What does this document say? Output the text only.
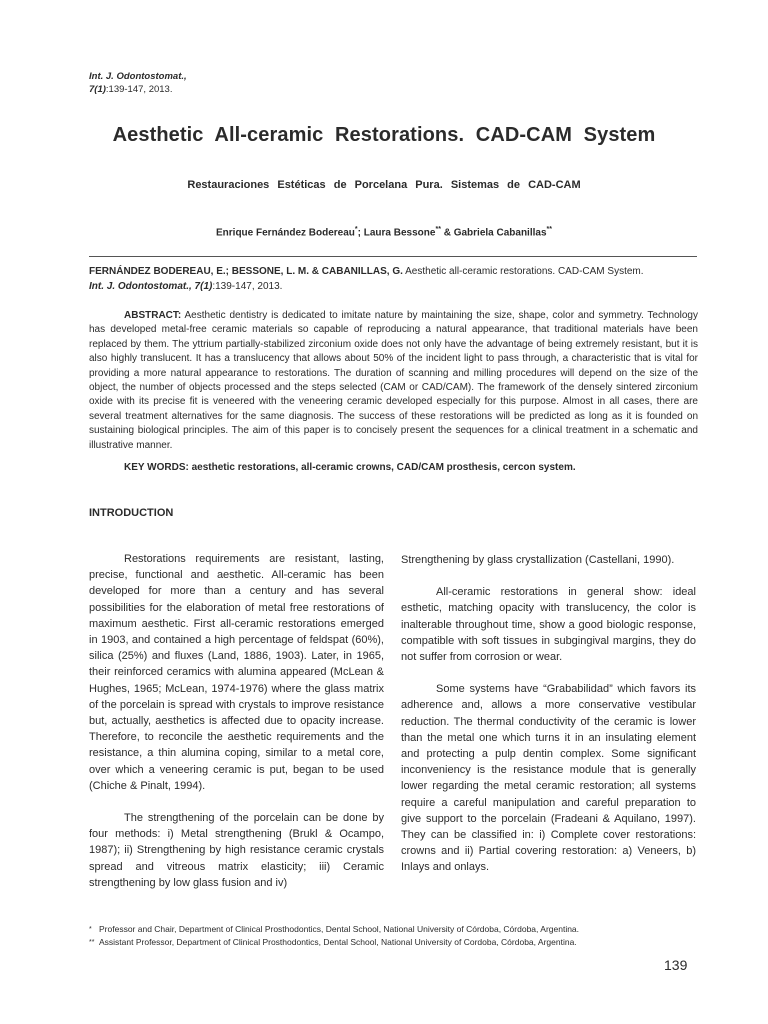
Int. J. Odontostomat.,
7(1):139-147, 2013.
Aesthetic All-ceramic Restorations. CAD-CAM System
Restauraciones Estéticas de Porcelana Pura. Sistemas de CAD-CAM
Enrique Fernández Bodereau*; Laura Bessone** & Gabriela Cabanillas**
FERNÁNDEZ BODEREAU, E.; BESSONE, L. M. & CABANILLAS, G. Aesthetic all-ceramic restorations. CAD-CAM System.
Int. J. Odontostomat., 7(1):139-147, 2013.
ABSTRACT: Aesthetic dentistry is dedicated to imitate nature by maintaining the size, shape, color and symmetry. Technology has developed metal-free ceramic materials so capable of reproducing a natural appearance, that traditional materials have been replaced by them. The yttrium partially-stabilized zirconium oxide does not only have the advantage of being extremely resistant, but it is also highly translucent. It has a translucency that allows about 50% of the incident light to pass through, a characteristic that is vital for providing a more natural appearance to restorations. The duration of scanning and milling procedures will depend on the size of the object, the number of objects processed and the steps selected (CAM or CAD/CAM). The framework of the densely sintered zirconium oxide with its precise fit is veneered with the veneering ceramic developed especially for this purpose. Almost in all cases, there are several treatment alternatives for the same diagnosis. The success of these restorations will be predicted as long as it is founded on sustaining biological principles. The aim of this paper is to concisely present the sequences for a clinical treatment in a schematic and illustrative manner.
KEY WORDS: aesthetic restorations, all-ceramic crowns, CAD/CAM prosthesis, cercon system.
INTRODUCTION

Restorations requirements are resistant, lasting, precise, functional and aesthetic. All-ceramic has been developed for more than a century and has several possibilities for the elaboration of metal free restorations of maximum aesthetic. First all-ceramic restorations emerged in 1903, and contained a high percentage of feldspat (60%), silica (25%) and fluxes (Land, 1886, 1903). Later, in 1965, their reinforced ceramics with alumina appeared (McLean & Hughes, 1965; McLean, 1974-1976) where the glass matrix of the porcelain is spread with crystals to improve resistance but, actually, aesthetics is affected due to opacity increase. Therefore, to reconcile the aesthetic requirements and the resistance, a thin alumina coping, similar to a metal core, over which a veneering ceramic is put, began to be used (Chiche & Pinalt, 1994).

The strengthening of the porcelain can be done by four methods: i) Metal strengthening (Brukl & Ocampo, 1987); ii) Strengthening by high resistance ceramic crystals spread and vitreous matrix elasticity; iii) Ceramic strengthening by low glass fusion and iv)

Strengthening by glass crystallization (Castellani, 1990).

All-ceramic restorations in general show: ideal esthetic, matching opacity with translucency, the color is inalterable throughout time, show a good biologic response, compatible with soft tissues in subgingival margins, they do not suffer from corrosion or wear.

Some systems have “Grababilidad” which favors its adherence and, allows a more conservative vestibular reduction. The thermal conductivity of the ceramic is lower than the metal one which turns it in an insulating element and protecting a pulp dentin complex. Some significant inconveniency is the resistance module that is generally lower regarding the metal ceramic restoration; all systems require a careful manipulation and careful preparation to give support to the porcelain (Fradeani & Aquilano, 1997). They can be classified in: i) Complete cover restorations: crowns and ii) Partial covering restoration: a) Veneers, b) Inlays and onlays.

* Professor and Chair, Department of Clinical Prosthodontics, Dental School, National University of Córdoba, Córdoba, Argentina.
** Assistant Professor, Department of Clinical Prosthodontics, Dental School, National University of Cordoba, Córdoba, Argentina.
139
